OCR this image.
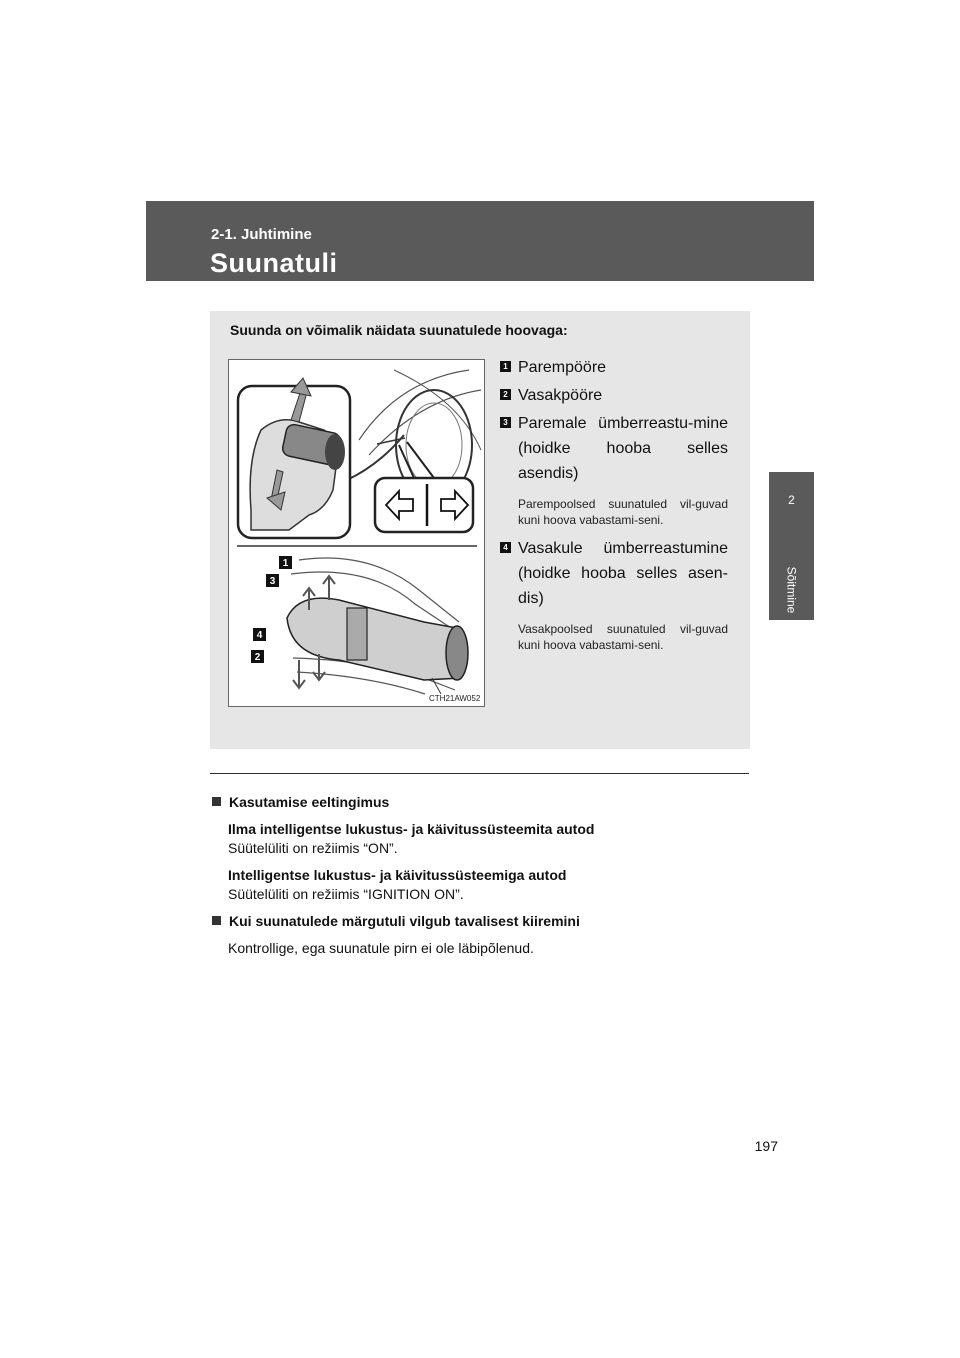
2-1. Juhtimine
Suunatuli
2
Sõitmine
Suunda on võimalik näidata suunatulede hoovaga:
1
3
4
2
CTH21AW052
1 Parempööre
2 Vasakpööre
3 Paremale ümberreastu-mine (hoidke hooba selles asendis)
Parempoolsed suunatuled vil-guvad kuni hoova vabastami-seni.
4 Vasakule ümberreastumine (hoidke hooba selles asen-dis)
Vasakpoolsed suunatuled vil-guvad kuni hoova vabastami-seni.
Kasutamise eeltingimus
Ilma intelligentse lukustus- ja käivitussüsteemita autod
Süütelüliti on režiimis “ON”.
Intelligentse lukustus- ja käivitussüsteemiga autod
Süütelüliti on režiimis “IGNITION ON”.
Kui suunatulede märgutuli vilgub tavalisest kiiremini
Kontrollige, ega suunatule pirn ei ole läbipõlenud.
197
